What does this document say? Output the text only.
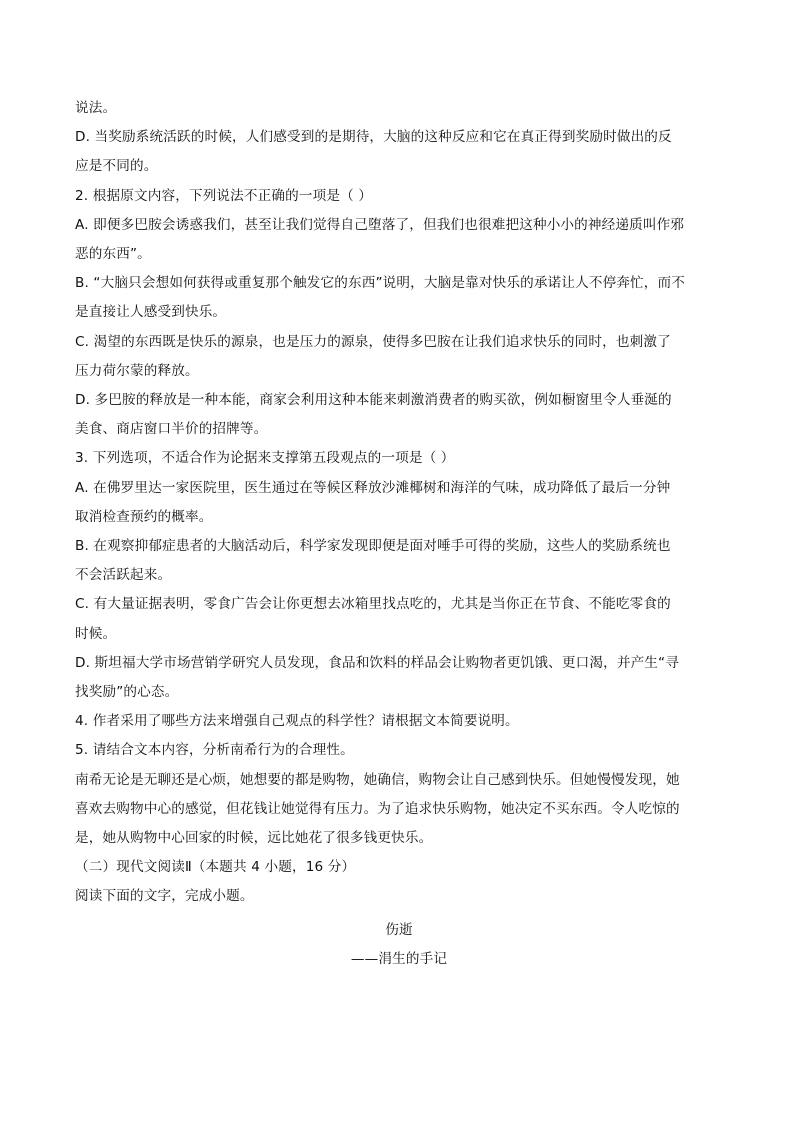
说法。
D. 当奖励系统活跃的时候，人们感受到的是期待，大脑的这种反应和它在真正得到奖励时做出的反
应是不同的。
2. 根据原文内容，下列说法不正确的一项是（ ）
A. 即便多巴胺会诱惑我们，甚至让我们觉得自己堕落了，但我们也很难把这种小小的神经递质叫作邪
恶的东西”。
B. “大脑只会想如何获得或重复那个触发它的东西”说明，大脑是靠对快乐的承诺让人不停奔忙，而不
是直接让人感受到快乐。
C. 渴望的东西既是快乐的源泉，也是压力的源泉，使得多巴胺在让我们追求快乐的同时，也刺激了
压力荷尔蒙的释放。
D. 多巴胺的释放是一种本能，商家会利用这种本能来刺激消费者的购买欲，例如橱窗里令人垂涎的
美食、商店窗口半价的招牌等。
3. 下列选项，不适合作为论据来支撑第五段观点的一项是（ ）
A. 在佛罗里达一家医院里，医生通过在等候区释放沙滩椰树和海洋的气味，成功降低了最后一分钟
取消检查预约的概率。
B. 在观察抑郁症患者的大脑活动后，科学家发现即便是面对唾手可得的奖励，这些人的奖励系统也
不会活跃起来。
C. 有大量证据表明，零食广告会让你更想去冰箱里找点吃的，尤其是当你正在节食、不能吃零食的
时候。
D. 斯坦福大学市场营销学研究人员发现，食品和饮料的样品会让购物者更饥饿、更口渴，并产生“寻
找奖励”的心态。
4. 作者采用了哪些方法来增强自己观点的科学性？请根据文本简要说明。
5. 请结合文本内容，分析南希行为的合理性。
南希无论是无聊还是心烦，她想要的都是购物，她确信，购物会让自己感到快乐。但她慢慢发现，她
喜欢去购物中心的感觉，但花钱让她觉得有压力。为了追求快乐购物，她决定不买东西。令人吃惊的
是，她从购物中心回家的时候，远比她花了很多钱更快乐。
（二）现代文阅读Ⅱ（本题共 4 小题，16 分）
阅读下面的文字，完成小题。
伤逝
——涓生的手记
